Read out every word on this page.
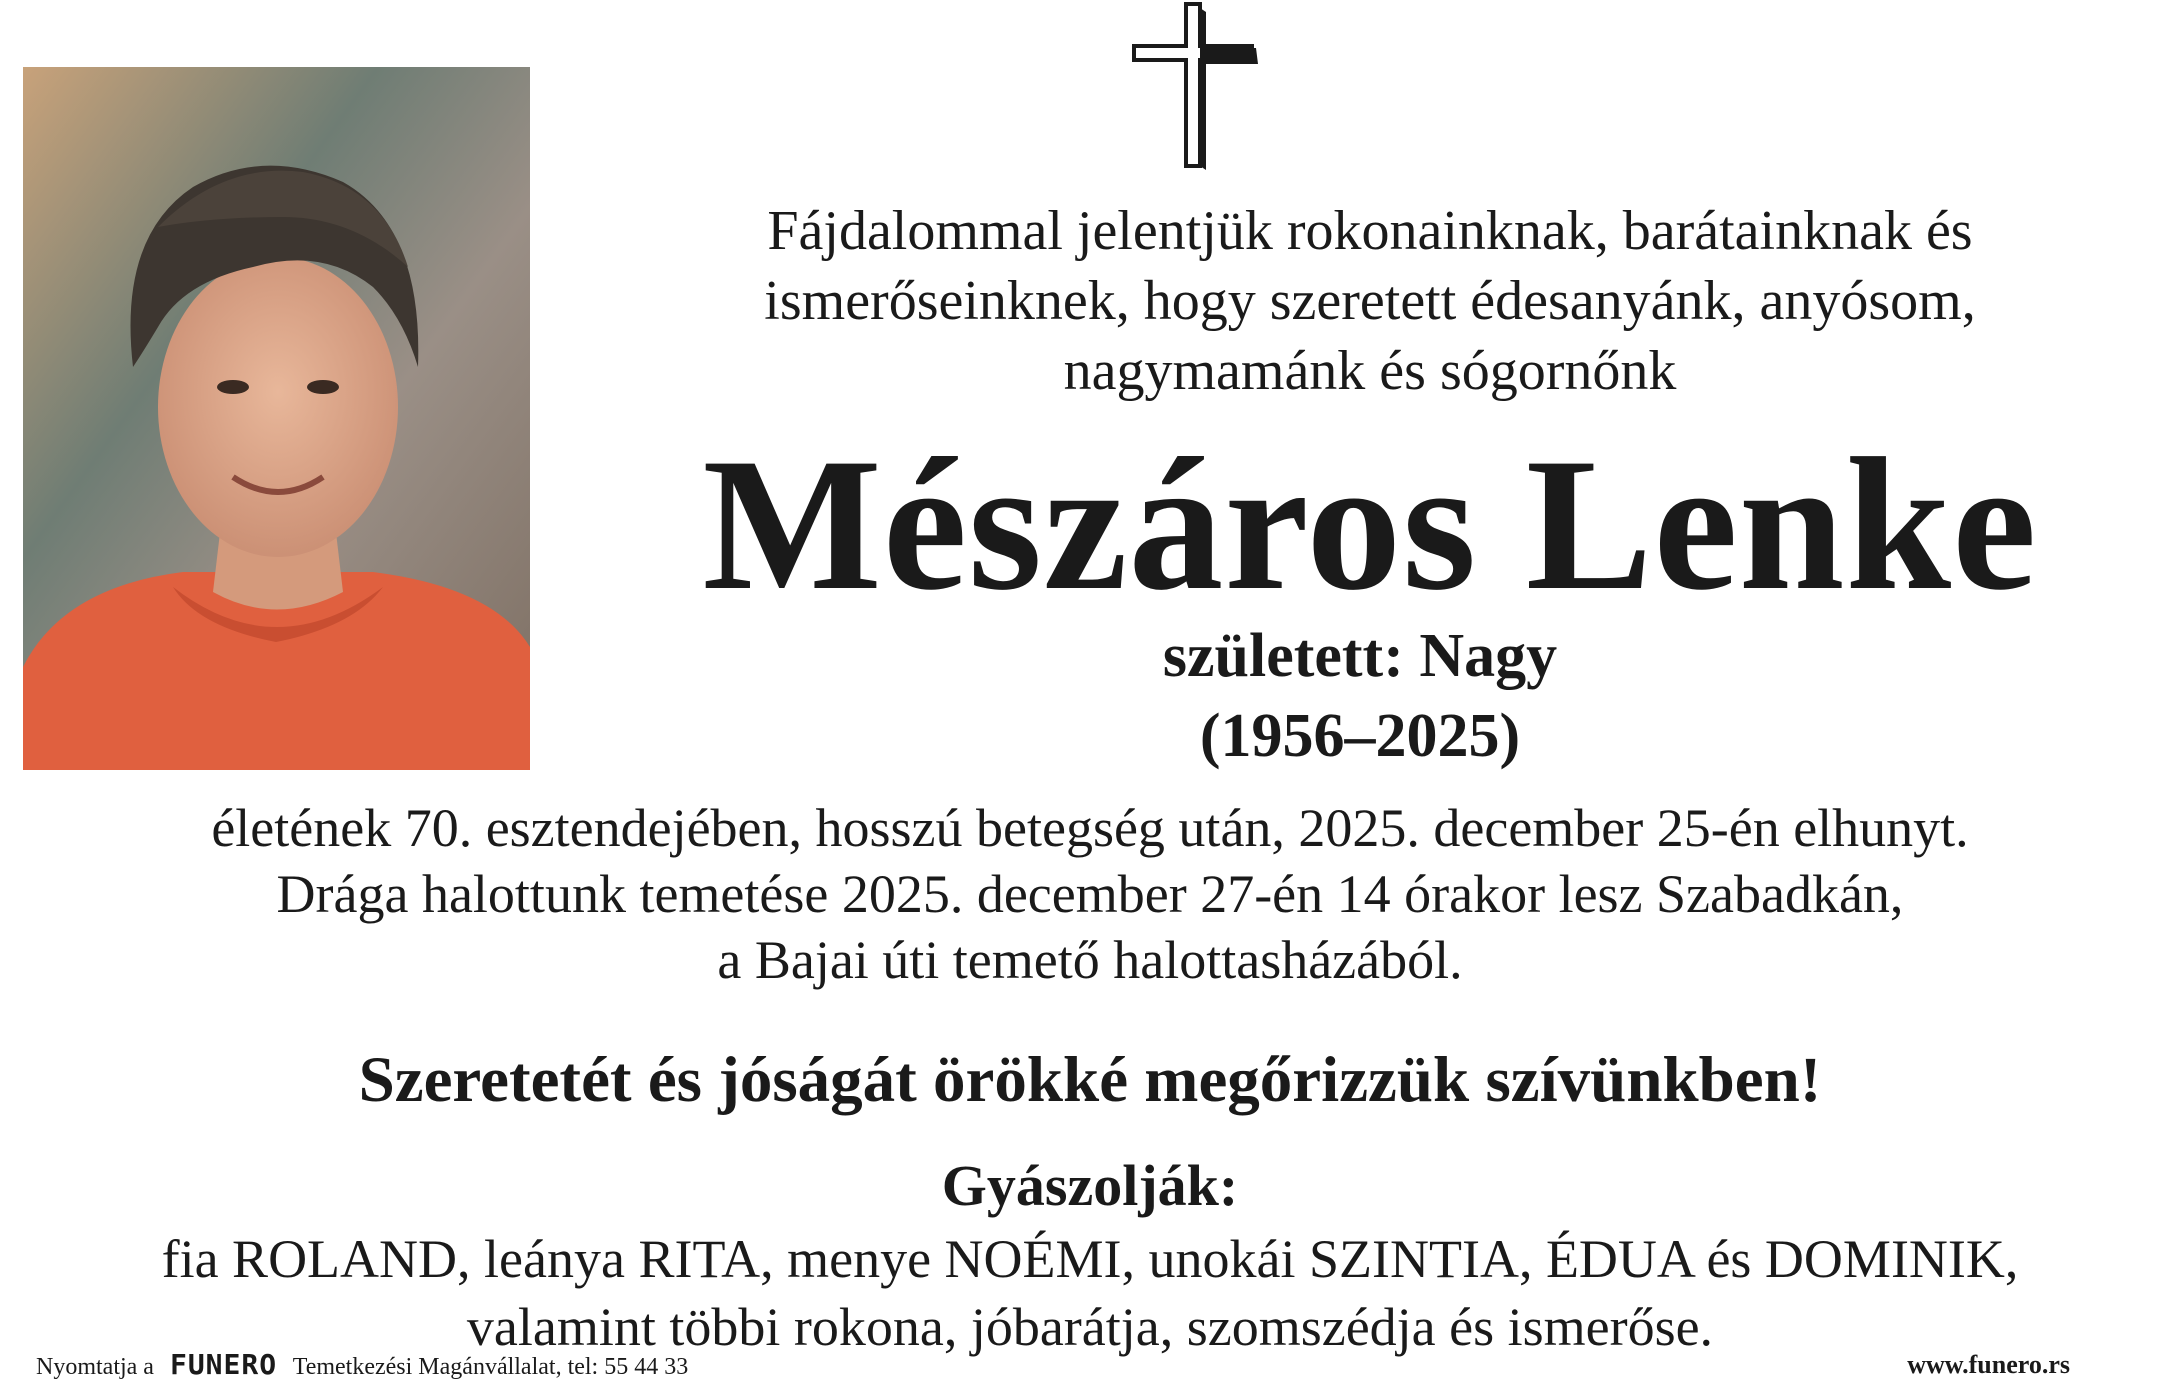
Fájdalommal jelentjük rokonainknak, barátainknak és
ismerőseinknek, hogy szeretett édesanyánk, anyósom,
nagymamánk és sógornőnk
Mészáros Lenke
született: Nagy
(1956–2025)
életének 70. esztendejében, hosszú betegség után, 2025. december 25-én elhunyt.
Drága halottunk temetése 2025. december 27-én 14 órakor lesz Szabadkán,
a Bajai úti temető halottasházából.
Szeretetét és jóságát örökké megőrizzük szívünkben!
Gyászolják:
fia ROLAND, leánya RITA, menye NOÉMI, unokái SZINTIA, ÉDUA és DOMINIK,
valamint többi rokona, jóbarátja, szomszédja és ismerőse.
Nyomtatja a FUNERO Temetkezési Magánvállalat, tel: 55 44 33	www.funero.rs
